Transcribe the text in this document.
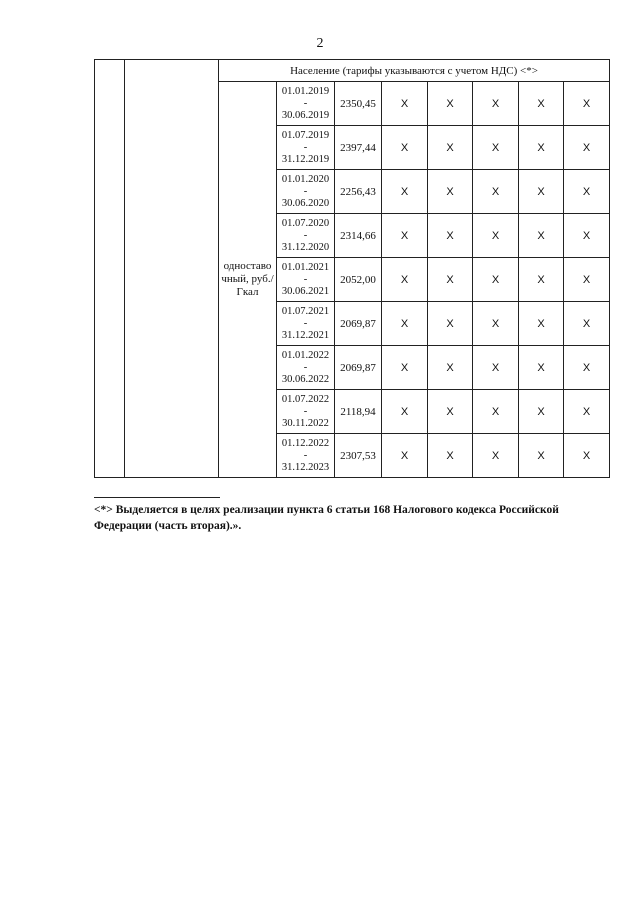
2
		Население (тарифы указываются с учетом НДС) <*>							
		одноставо чный, руб./Гкал	01.01.2019
-
30.06.2019	2350,45	X	X	X	X	X

			01.07.2019
-
31.12.2019	2397,44	X	X	X	X	X

			01.01.2020
-
30.06.2020	2256,43	X	X	X	X	X

			01.07.2020
-
31.12.2020	2314,66	X	X	X	X	X

			01.01.2021
-
30.06.2021	2052,00	X	X	X	X	X

			01.07.2021
-
31.12.2021	2069,87	X	X	X	X	X

			01.01.2022
-
30.06.2022	2069,87	X	X	X	X	X

			01.07.2022
-
30.11.2022	2118,94	X	X	X	X	X

			01.12.2022
-
31.12.2023	2307,53	X	X	X	X	X
<*> Выделяется в целях реализации пункта 6 статьи 168 Налогового кодекса Российской Федерации (часть вторая).».
